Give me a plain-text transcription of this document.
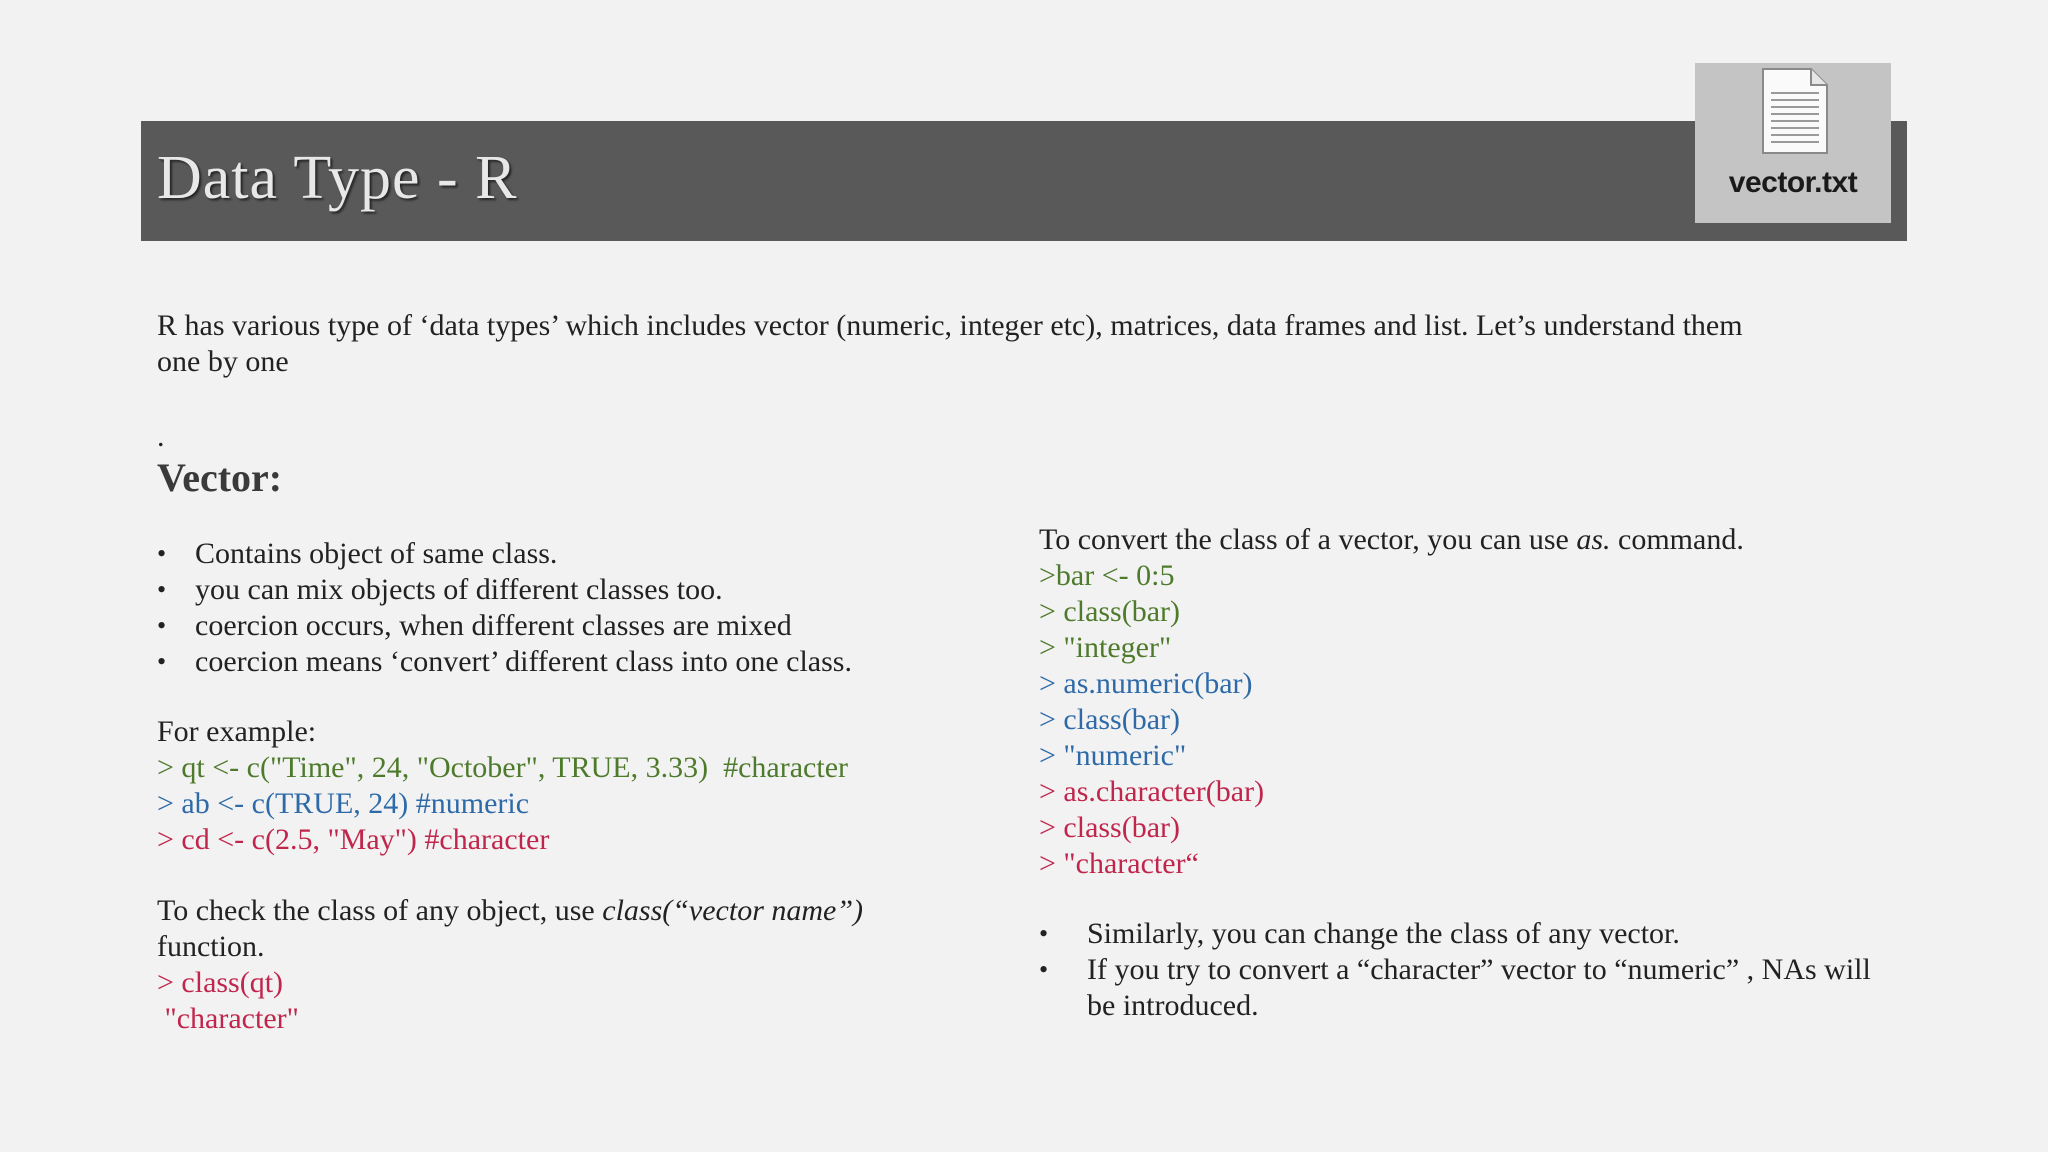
Data Type - R	vector.txt

R has various type of ‘data types’ which includes vector (numeric, integer etc), matrices, data frames and list. Let’s understand them one by one

.
Vector:
• Contains object of same class.
• you can mix objects of different classes too.
• coercion occurs, when different classes are mixed
• coercion means ‘convert’ different class into one class.
For example:
> qt <- c("Time", 24, "October", TRUE, 3.33)  #character
> ab <- c(TRUE, 24) #numeric
> cd <- c(2.5, "May") #character
To check the class of any object, use class(“vector name”) function.
> class(qt)
"character"
To convert the class of a vector, you can use as. command.
>bar <- 0:5
> class(bar)
> "integer"
> as.numeric(bar)
> class(bar)
> "numeric"
> as.character(bar)
> class(bar)
> "character“
• Similarly, you can change the class of any vector.
• If you try to convert a “character” vector to “numeric” , NAs will be introduced.
